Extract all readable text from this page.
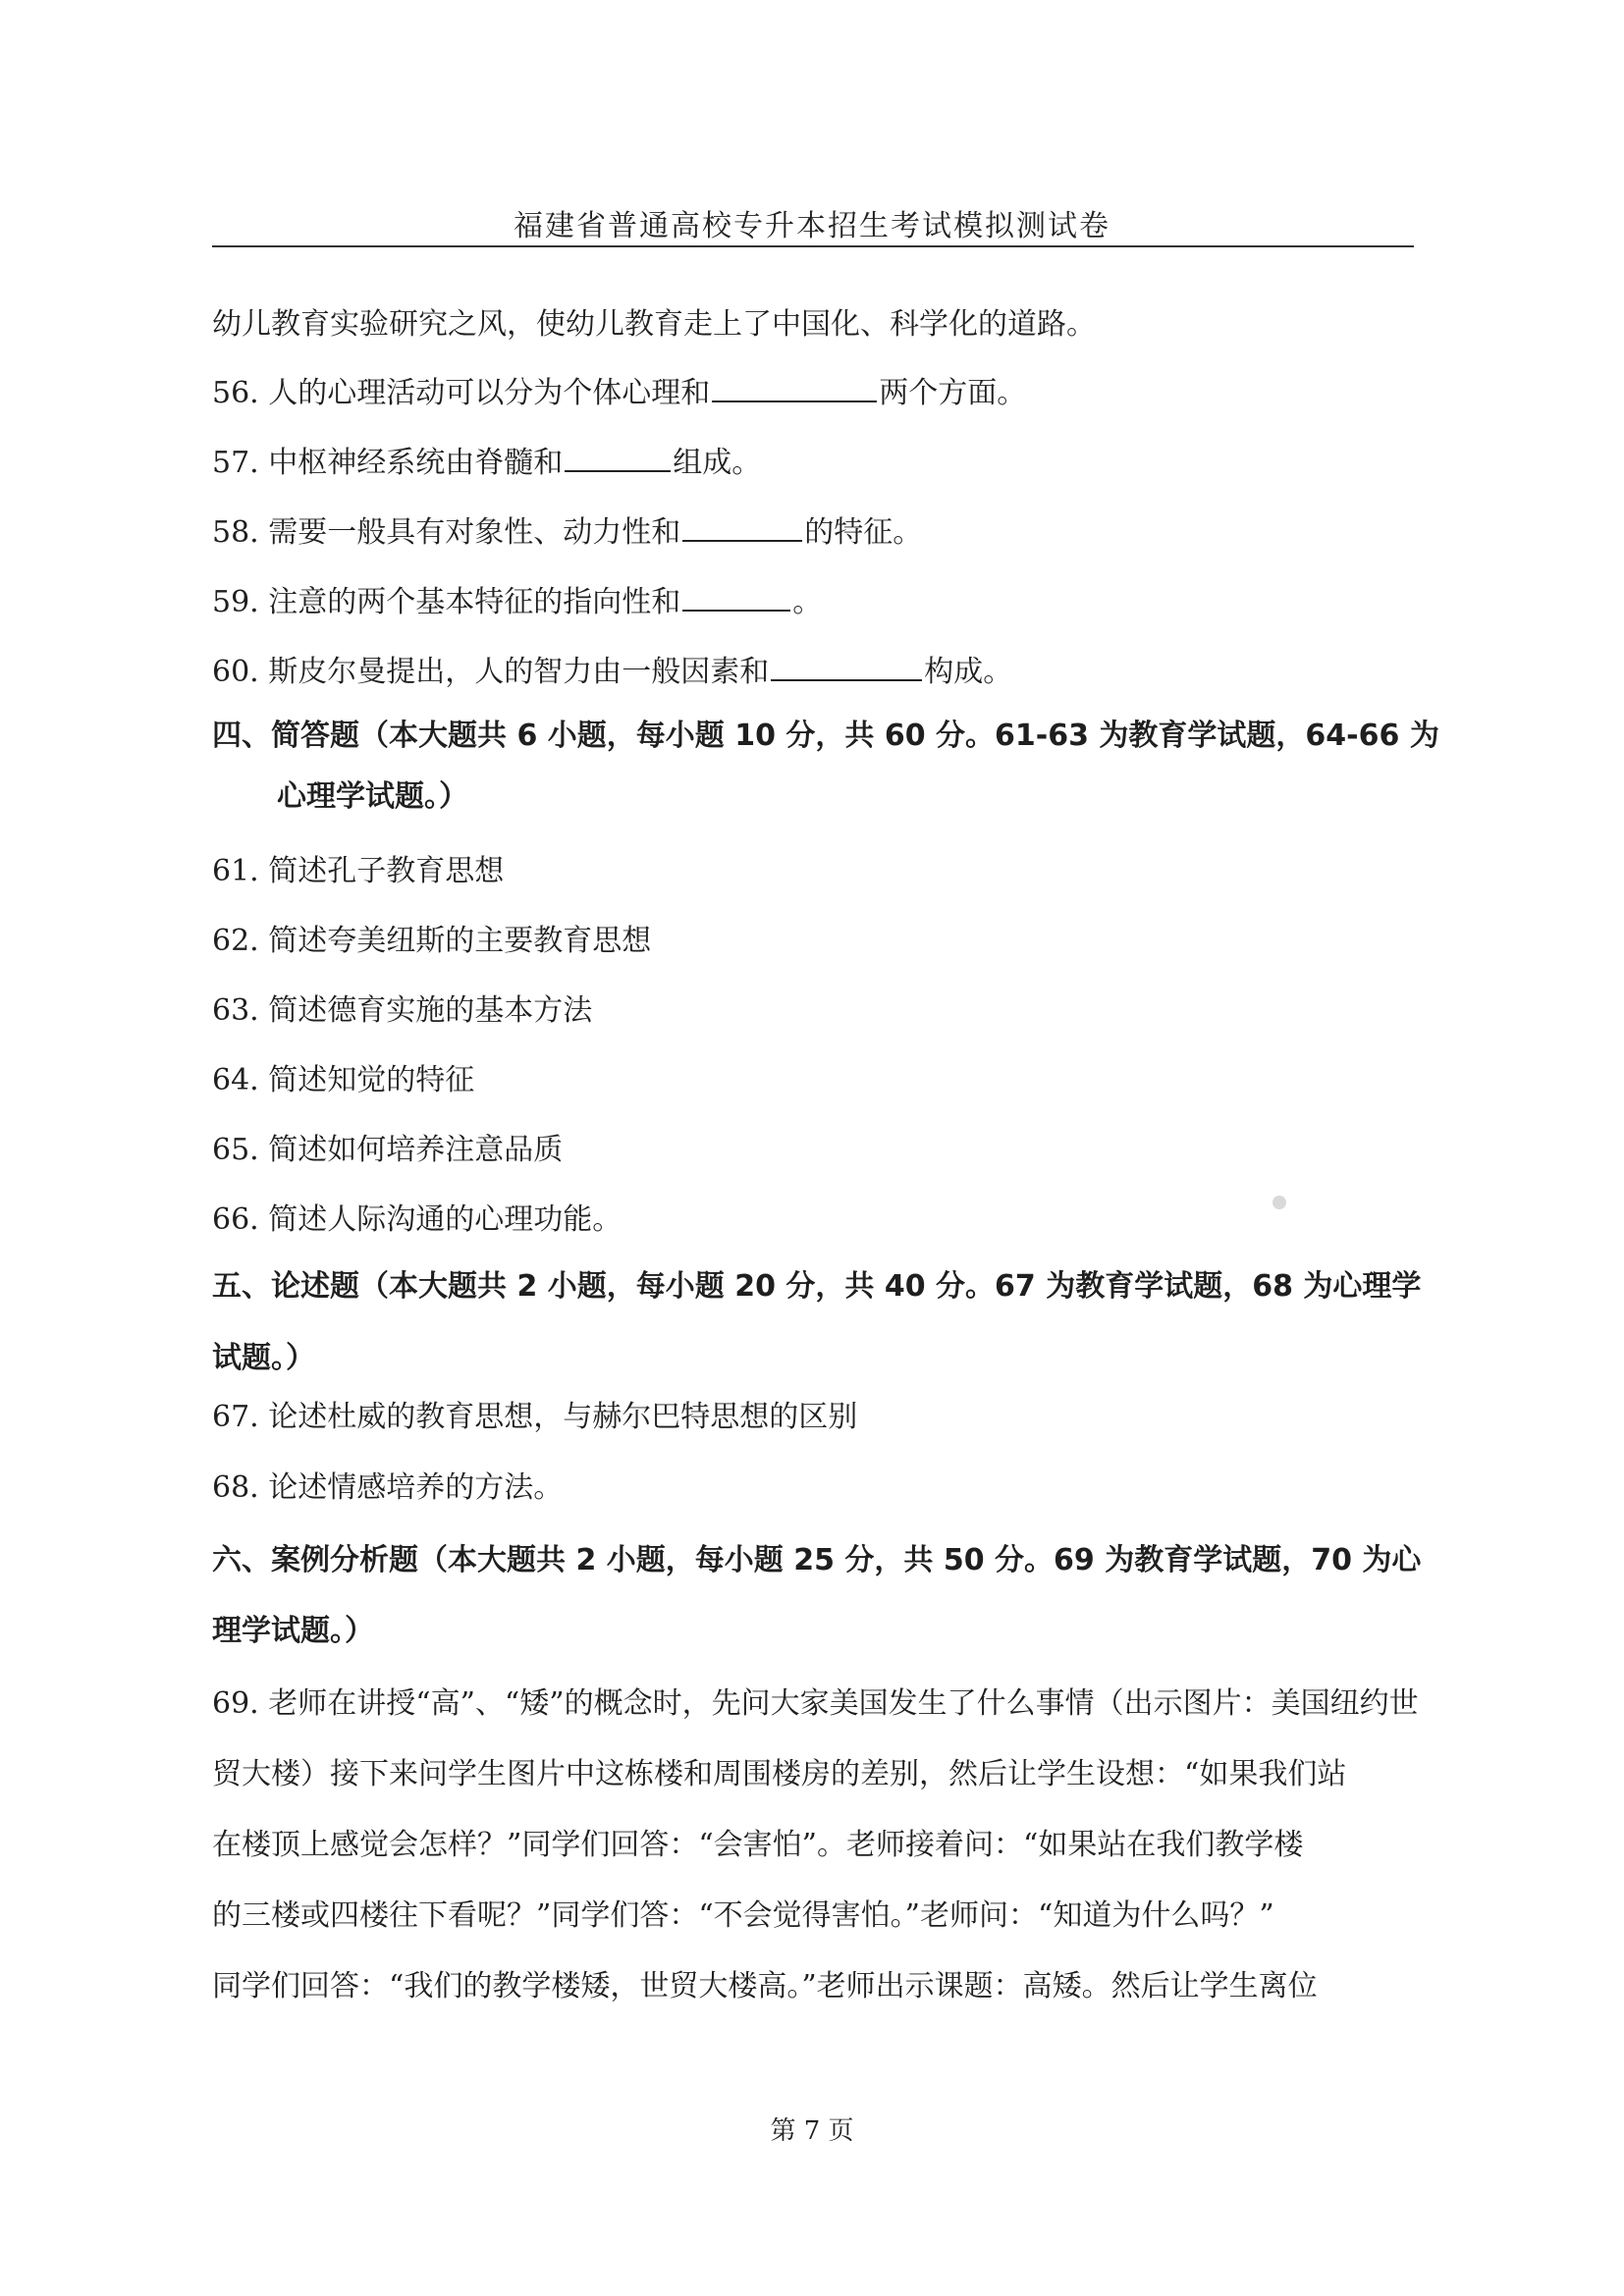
福建省普通高校专升本招生考试模拟测试卷
幼儿教育实验研究之风，使幼儿教育走上了中国化、科学化的道路。
56. 人的心理活动可以分为个体心理和	两个方面。
57. 中枢神经系统由脊髓和	组成。
58. 需要一般具有对象性、动力性和	的特征。
59. 注意的两个基本特征的指向性和	。
60. 斯皮尔曼提出，人的智力由一般因素和	构成。
四、简答题（本大题共 6 小题，每小题 10 分，共 60 分。61-63 为教育学试题，64-66 为
心理学试题。）
61. 简述孔子教育思想
62. 简述夸美纽斯的主要教育思想
63. 简述德育实施的基本方法
64. 简述知觉的特征
65. 简述如何培养注意品质
66. 简述人际沟通的心理功能。
五、论述题（本大题共 2 小题，每小题 20 分，共 40 分。67 为教育学试题，68 为心理学
试题。）
67. 论述杜威的教育思想，与赫尔巴特思想的区别
68. 论述情感培养的方法。
六、案例分析题（本大题共 2 小题，每小题 25 分，共 50 分。69 为教育学试题，70 为心
理学试题。）
69. 老师在讲授“高”、“矮”的概念时，先问大家美国发生了什么事情（出示图片：美国纽约世
贸大楼）接下来问学生图片中这栋楼和周围楼房的差别，然后让学生设想：“如果我们站
在楼顶上感觉会怎样？”同学们回答：“会害怕”。老师接着问：“如果站在我们教学楼
的三楼或四楼往下看呢？”同学们答：“不会觉得害怕。”老师问：“知道为什么吗？”
同学们回答：“我们的教学楼矮，世贸大楼高。”老师出示课题：高矮。然后让学生离位
第 7 页
